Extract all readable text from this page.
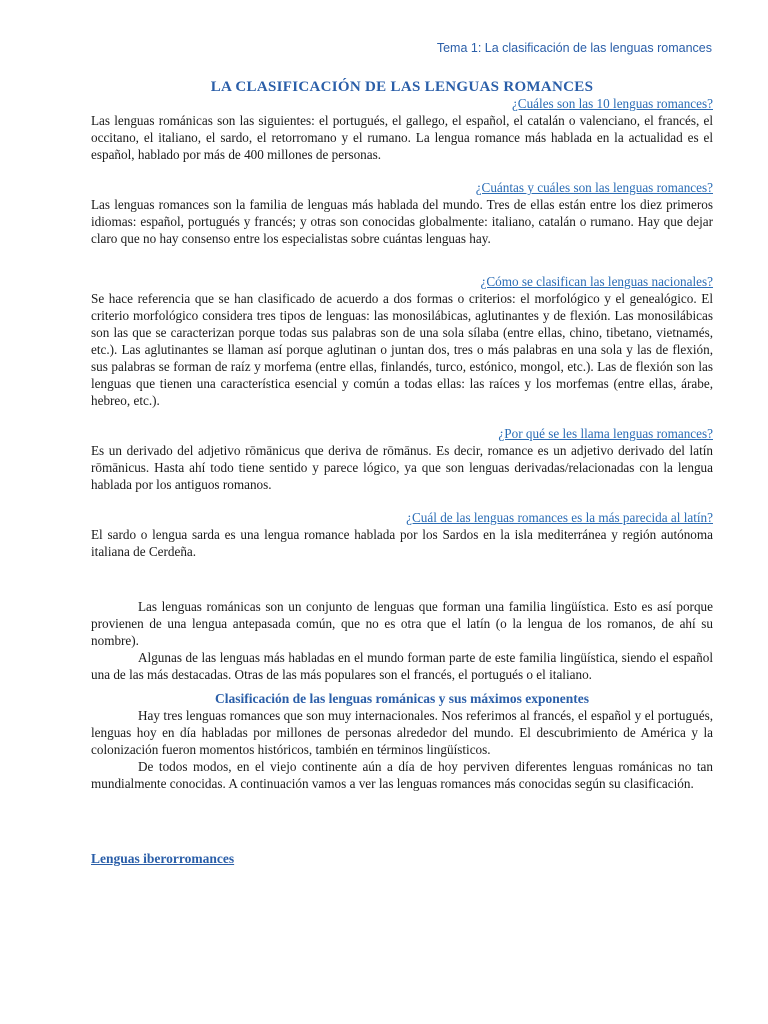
Tema 1: La clasificación de las lenguas romances
LA CLASIFICACIÓN DE LAS LENGUAS ROMANCES

¿Cuáles son las 10 lenguas romances?

Las lenguas románicas son las siguientes: el portugués, el gallego, el español, el catalán o valenciano, el francés, el occitano, el italiano, el sardo, el retorromano y el rumano. La lengua romance más hablada en la actualidad es el español, hablado por más de 400 millones de personas.

¿Cuántas y cuáles son las lenguas romances?

Las lenguas romances son la familia de lenguas más hablada del mundo. Tres de ellas están entre los diez primeros idiomas: español, portugués y francés; y otras son conocidas globalmente: italiano, catalán o rumano. Hay que dejar claro que no hay consenso entre los especialistas sobre cuántas lenguas hay.

¿Cómo se clasifican las lenguas nacionales?

Se hace referencia que se han clasificado de acuerdo a dos formas o criterios: el morfológico y el genealógico. El criterio morfológico considera tres tipos de lenguas: las monosilábicas, aglutinantes y de flexión. Las monosilábicas son las que se caracterizan porque todas sus palabras son de una sola sílaba (entre ellas, chino, tibetano, vietnamés, etc.). Las aglutinantes se llaman así porque aglutinan o juntan dos, tres o más palabras en una sola y las de flexión, sus palabras se forman de raíz y morfema (entre ellas, finlandés, turco, estónico, mongol, etc.). Las de flexión son las lenguas que tienen una característica esencial y común a todas ellas: las raíces y los morfemas (entre ellas, árabe, hebreo, etc.).

¿Por qué se les llama lenguas romances?

Es un derivado del adjetivo rōmānicus que deriva de rōmānus. Es decir, romance es un adjetivo derivado del latín rōmānicus. Hasta ahí todo tiene sentido y parece lógico, ya que son lenguas derivadas/relacionadas con la lengua hablada por los antiguos romanos.

¿Cuál de las lenguas romances es la más parecida al latín?

El sardo o lengua sarda es una lengua romance hablada por los Sardos en la isla mediterránea y región autónoma italiana de Cerdeña.

Las lenguas románicas son un conjunto de lenguas que forman una familia lingüística. Esto es así porque provienen de una lengua antepasada común, que no es otra que el latín (o la lengua de los romanos, de ahí su nombre).

Algunas de las lenguas más habladas en el mundo forman parte de este familia lingüística, siendo el español una de las más destacadas. Otras de las más populares son el francés, el portugués o el italiano.

Clasificación de las lenguas románicas y sus máximos exponentes

Hay tres lenguas romances que son muy internacionales. Nos referimos al francés, el español y el portugués, lenguas hoy en día habladas por millones de personas alrededor del mundo. El descubrimiento de América y la colonización fueron momentos históricos, también en términos lingüísticos.

De todos modos, en el viejo continente aún a día de hoy perviven diferentes lenguas románicas no tan mundialmente conocidas. A continuación vamos a ver las lenguas romances más conocidas según su clasificación.

Lenguas iberorromances
